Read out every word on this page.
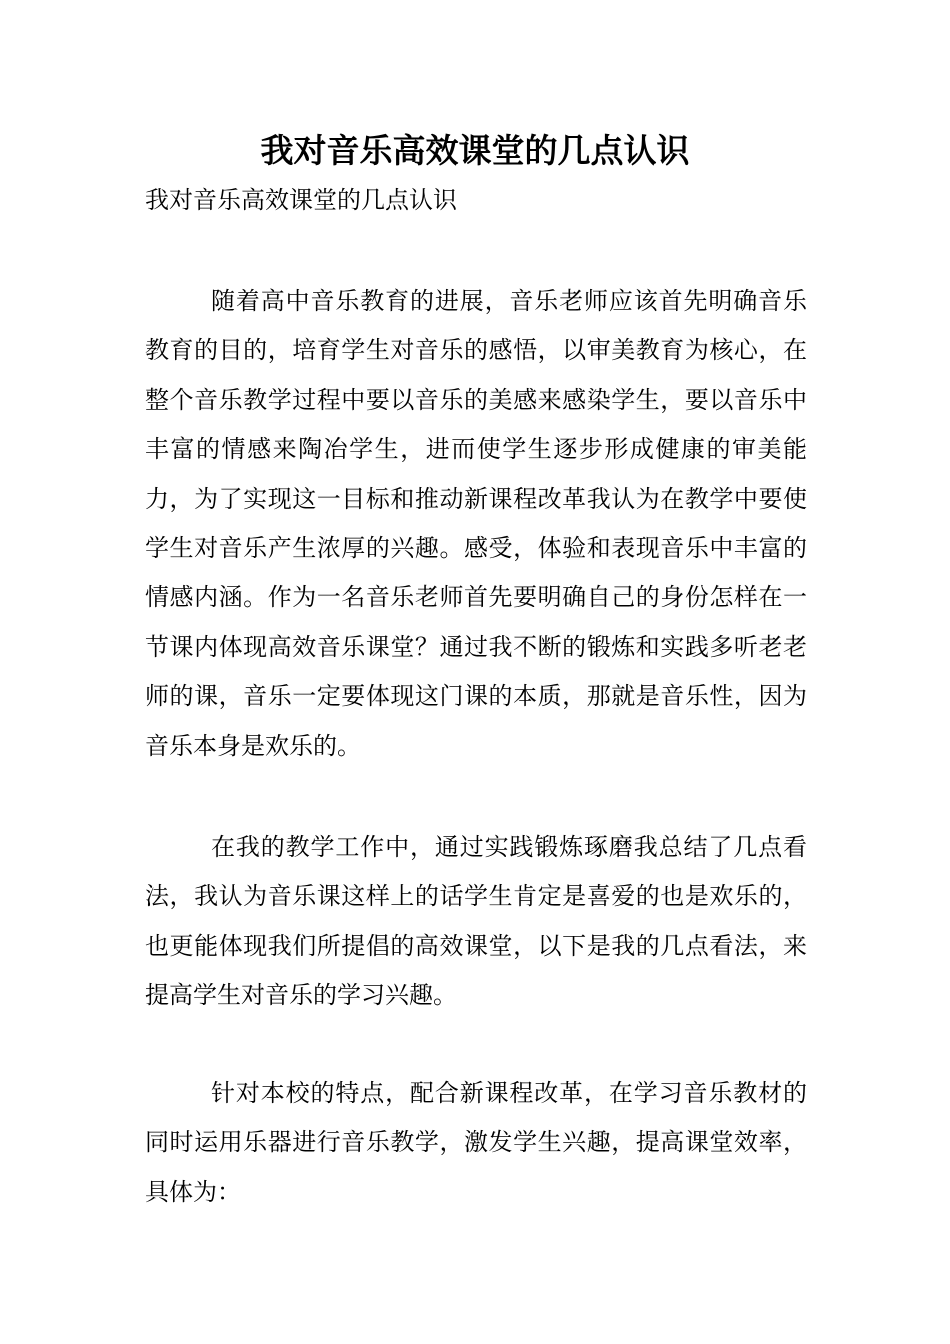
我对音乐高效课堂的几点认识

我对音乐高效课堂的几点认识

随着高中音乐教育的进展，音乐老师应该首先明确音乐教育的目的，培育学生对音乐的感悟，以审美教育为核心，在整个音乐教学过程中要以音乐的美感来感染学生，要以音乐中丰富的情感来陶冶学生，进而使学生逐步形成健康的审美能力，为了实现这一目标和推动新课程改革我认为在教学中要使学生对音乐产生浓厚的兴趣。感受，体验和表现音乐中丰富的情感内涵。作为一名音乐老师首先要明确自己的身份怎样在一节课内体现高效音乐课堂？通过我不断的锻炼和实践多听老老师的课，音乐一定要体现这门课的本质，那就是音乐性，因为音乐本身是欢乐的。

在我的教学工作中，通过实践锻炼琢磨我总结了几点看法，我认为音乐课这样上的话学生肯定是喜爱的也是欢乐的，也更能体现我们所提倡的高效课堂，以下是我的几点看法，来提高学生对音乐的学习兴趣。

针对本校的特点，配合新课程改革，在学习音乐教材的同时运用乐器进行音乐教学，激发学生兴趣，提高课堂效率，具体为：
